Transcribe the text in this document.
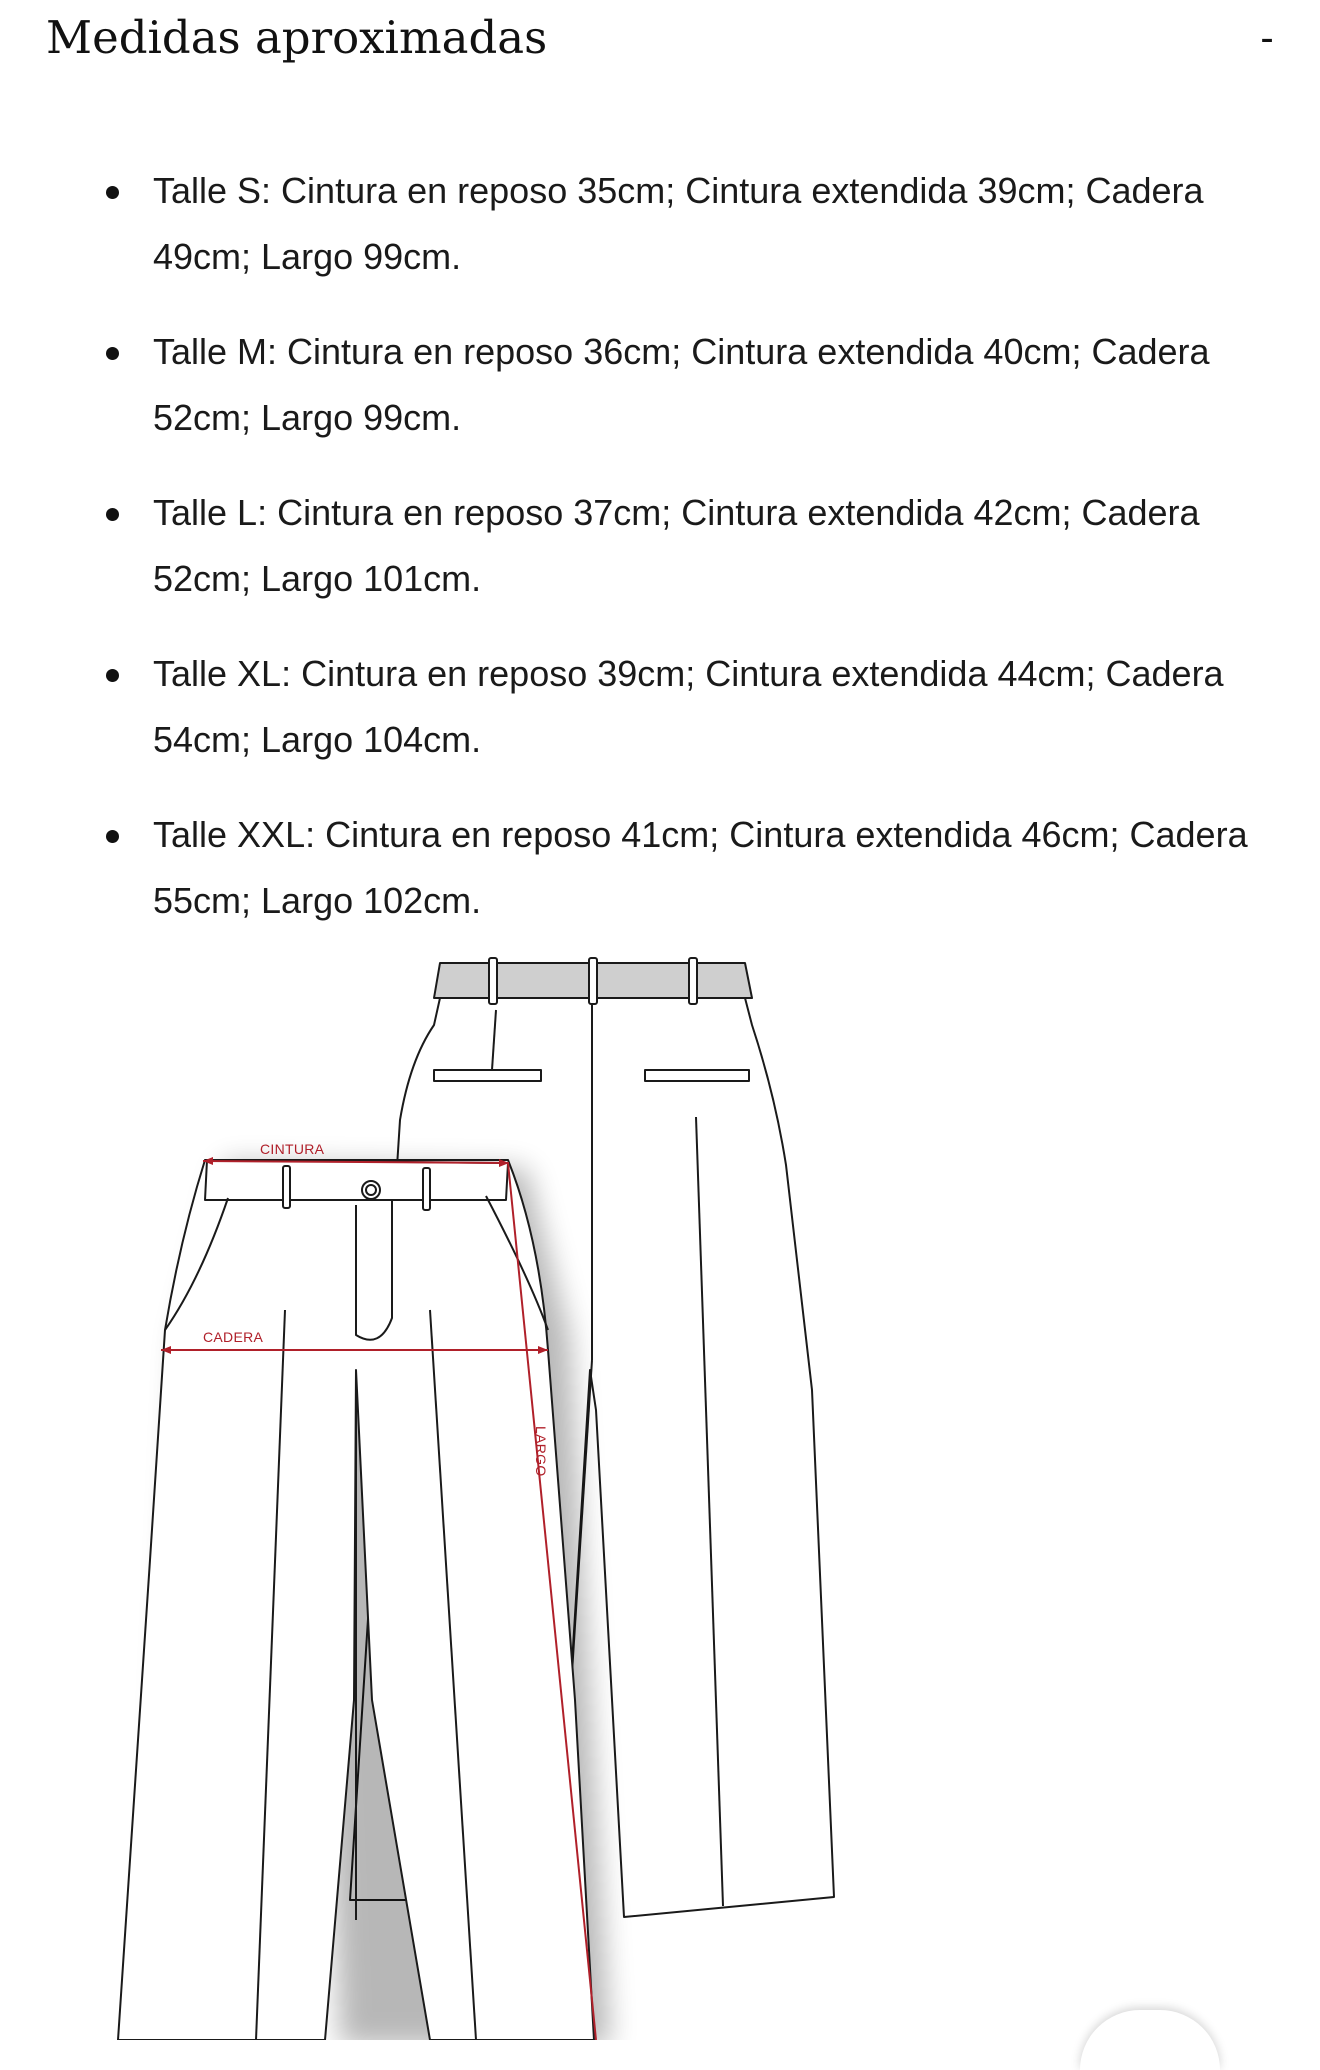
Medidas aproximadas	-
Talle S: Cintura en reposo 35cm; Cintura extendida 39cm; Cadera 49cm; Largo 99cm.
Talle M: Cintura en reposo 36cm; Cintura extendida 40cm; Cadera 52cm; Largo 99cm.
Talle L: Cintura en reposo 37cm; Cintura extendida 42cm; Cadera 52cm; Largo 101cm.
Talle XL: Cintura en reposo 39cm; Cintura extendida 44cm; Cadera 54cm; Largo 104cm.
Talle XXL: Cintura en reposo 41cm; Cintura extendida 46cm; Cadera 55cm; Largo 102cm.
CINTURA
CADERA
LARGO
